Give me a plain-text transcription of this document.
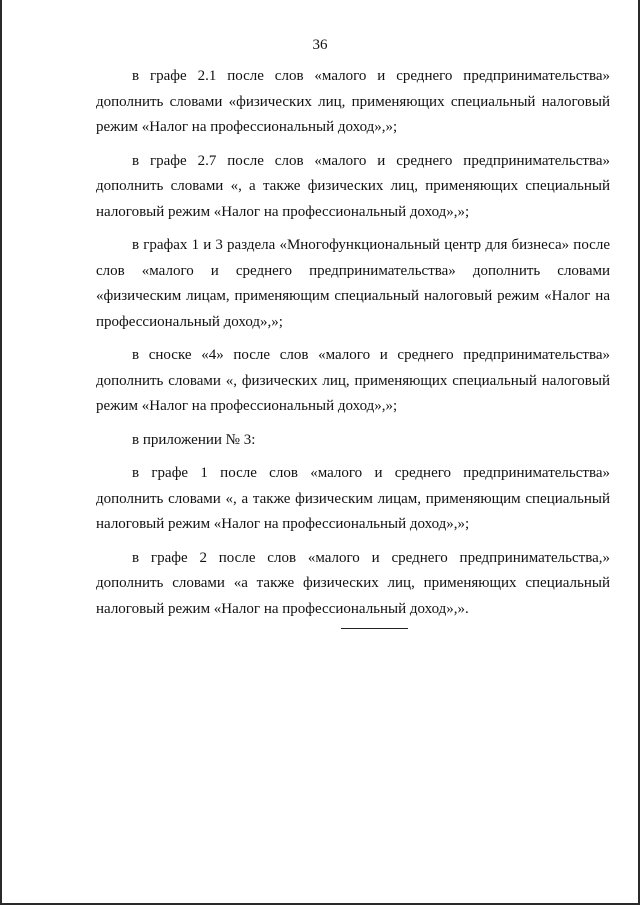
36

в графе 2.1 после слов «малого и среднего предпринимательства» дополнить словами «физических лиц, применяющих специальный налоговый режим «Налог на профессиональный доход»,»;

в графе 2.7 после слов «малого и среднего предпринимательства» дополнить словами «, а также физических лиц, применяющих специальный налоговый режим «Налог на профессиональный доход»,»;

в графах 1 и 3 раздела «Многофункциональный центр для бизнеса» после слов «малого и среднего предпринимательства» дополнить словами «физическим лицам, применяющим специальный налоговый режим «Налог на профессиональный доход»,»;

в сноске «4» после слов «малого и среднего предпринимательства» дополнить словами «, физических лиц, применяющих специальный налоговый режим «Налог на профессиональный доход»,»;

в приложении № 3:

в графе 1 после слов «малого и среднего предпринимательства» дополнить словами «, а также физическим лицам, применяющим специальный налоговый режим «Налог на профессиональный доход»,»;

в графе 2 после слов «малого и среднего предпринимательства,» дополнить словами «а также физических лиц, применяющих специальный налоговый режим «Налог на профессиональный доход»,».
